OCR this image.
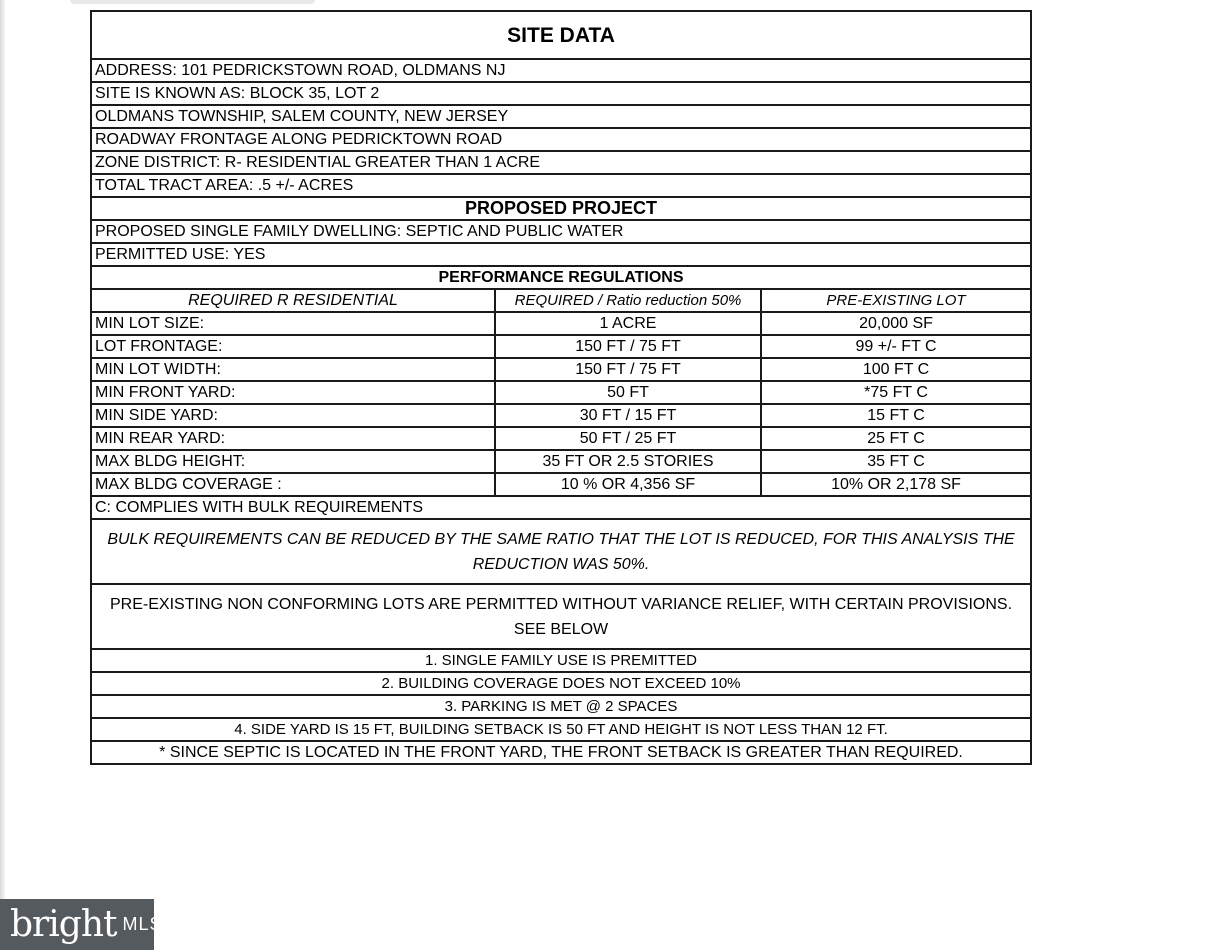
SITE DATA		
ADDRESS: 101 PEDRICKSTOWN ROAD, OLDMANS NJ		
SITE IS KNOWN AS: BLOCK 35, LOT 2		
OLDMANS TOWNSHIP, SALEM COUNTY, NEW JERSEY		
ROADWAY FRONTAGE ALONG PEDRICKTOWN ROAD		
ZONE DISTRICT: R- RESIDENTIAL GREATER THAN 1 ACRE		
TOTAL TRACT AREA: .5 +/- ACRES		
PROPOSED PROJECT		
PROPOSED SINGLE FAMILY DWELLING: SEPTIC AND PUBLIC WATER		
PERMITTED USE: YES		
PERFORMANCE REGULATIONS		
REQUIRED R RESIDENTIAL	REQUIRED / Ratio reduction 50%	PRE-EXISTING LOT
MIN LOT SIZE:	1 ACRE	20,000 SF
LOT FRONTAGE:	150 FT / 75 FT	99 +/- FT C
MIN LOT WIDTH:	150 FT / 75 FT	100 FT C
MIN FRONT YARD:	50 FT	*75 FT C
MIN SIDE YARD:	30 FT / 15 FT	15 FT C
MIN REAR YARD:	50 FT / 25 FT	25 FT C
MAX BLDG HEIGHT:	35 FT OR 2.5 STORIES	35 FT C
MAX BLDG COVERAGE :	10 % OR 4,356 SF	10% OR 2,178 SF
C: COMPLIES WITH BULK REQUIREMENTS		
BULK REQUIREMENTS CAN BE REDUCED BY THE SAME RATIO THAT THE LOT IS REDUCED, FOR THIS ANALYSIS THE REDUCTION WAS 50%.		
PRE-EXISTING NON CONFORMING LOTS ARE PERMITTED WITHOUT VARIANCE RELIEF, WITH CERTAIN PROVISIONS. SEE BELOW		
1. SINGLE FAMILY USE IS PREMITTED		
2. BUILDING COVERAGE DOES NOT EXCEED 10%		
3. PARKING IS MET @ 2 SPACES		
4. SIDE YARD IS 15 FT, BUILDING SETBACK IS 50 FT AND HEIGHT IS NOT LESS THAN 12 FT.		
* SINCE SEPTIC IS LOCATED IN THE FRONT YARD, THE FRONT SETBACK IS GREATER THAN REQUIRED.		
bright MLS
